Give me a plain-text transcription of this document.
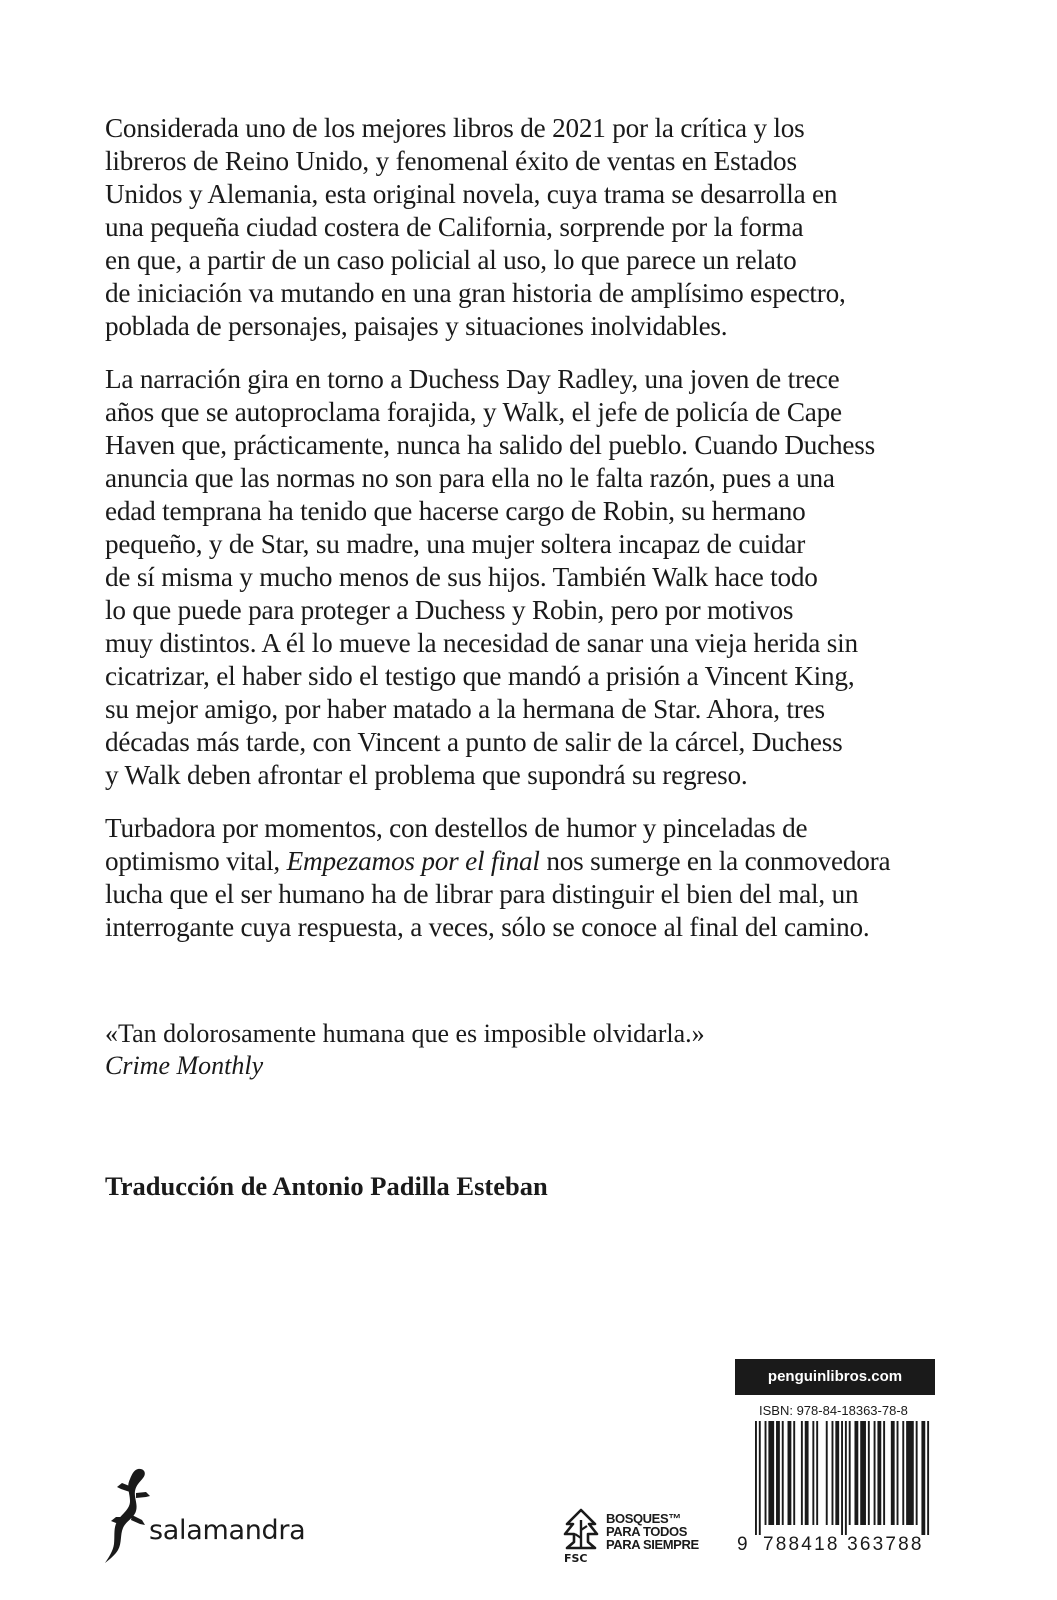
Considerada uno de los mejores libros de 2021 por la crítica y los
libreros de Reino Unido, y fenomenal éxito de ventas en Estados
Unidos y Alemania, esta original novela, cuya trama se desarrolla en
una pequeña ciudad costera de California, sorprende por la forma
en que, a partir de un caso policial al uso, lo que parece un relato
de iniciación va mutando en una gran historia de amplísimo espectro,
poblada de personajes, paisajes y situaciones inolvidables.

La narración gira en torno a Duchess Day Radley, una joven de trece
años que se autoproclama forajida, y Walk, el jefe de policía de Cape
Haven que, prácticamente, nunca ha salido del pueblo. Cuando Duchess
anuncia que las normas no son para ella no le falta razón, pues a una
edad temprana ha tenido que hacerse cargo de Robin, su hermano
pequeño, y de Star, su madre, una mujer soltera incapaz de cuidar
de sí misma y mucho menos de sus hijos. También Walk hace todo
lo que puede para proteger a Duchess y Robin, pero por motivos
muy distintos. A él lo mueve la necesidad de sanar una vieja herida sin
cicatrizar, el haber sido el testigo que mandó a prisión a Vincent King,
su mejor amigo, por haber matado a la hermana de Star. Ahora, tres
décadas más tarde, con Vincent a punto de salir de la cárcel, Duchess
y Walk deben afrontar el problema que supondrá su regreso.

Turbadora por momentos, con destellos de humor y pinceladas de
optimismo vital, Empezamos por el final nos sumerge en la conmovedora
lucha que el ser humano ha de librar para distinguir el bien del mal, un
interrogante cuya respuesta, a veces, sólo se conoce al final del camino.

«Tan dolorosamente humana que es imposible olvidarla.»
Crime Monthly
Traducción de Antonio Padilla Esteban
salamandra
FSC
BOSQUES™
PARA TODOS
PARA SIEMPRE
penguinlibros.com
ISBN: 978-84-18363-78-8
9 788418 363788
